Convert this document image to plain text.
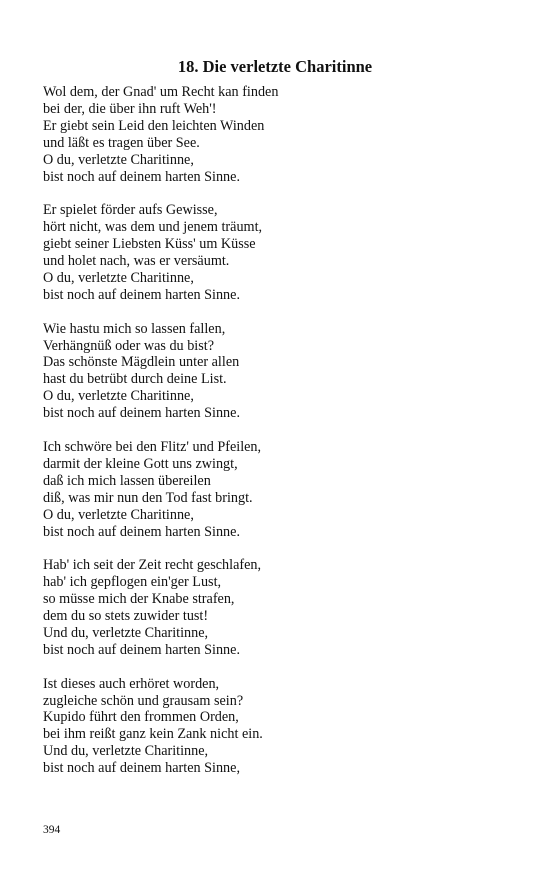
18. Die verletzte Charitinne
Wol dem, der Gnad' um Recht kan finden
bei der, die über ihn ruft Weh'!
Er giebt sein Leid den leichten Winden
und läßt es tragen über See.
O du, verletzte Charitinne,
bist noch auf deinem harten Sinne.
Er spielet förder aufs Gewisse,
hört nicht, was dem und jenem träumt,
giebt seiner Liebsten Küss' um Küsse
und holet nach, was er versäumt.
O du, verletzte Charitinne,
bist noch auf deinem harten Sinne.
Wie hastu mich so lassen fallen,
Verhängnüß oder was du bist?
Das schönste Mägdlein unter allen
hast du betrübt durch deine List.
O du, verletzte Charitinne,
bist noch auf deinem harten Sinne.
Ich schwöre bei den Flitz' und Pfeilen,
darmit der kleine Gott uns zwingt,
daß ich mich lassen übereilen
diß, was mir nun den Tod fast bringt.
O du, verletzte Charitinne,
bist noch auf deinem harten Sinne.
Hab' ich seit der Zeit recht geschlafen,
hab' ich gepflogen ein'ger Lust,
so müsse mich der Knabe strafen,
dem du so stets zuwider tust!
Und du, verletzte Charitinne,
bist noch auf deinem harten Sinne.
Ist dieses auch erhöret worden,
zugleiche schön und grausam sein?
Kupido führt den frommen Orden,
bei ihm reißt ganz kein Zank nicht ein.
Und du, verletzte Charitinne,
bist noch auf deinem harten Sinne,
394
